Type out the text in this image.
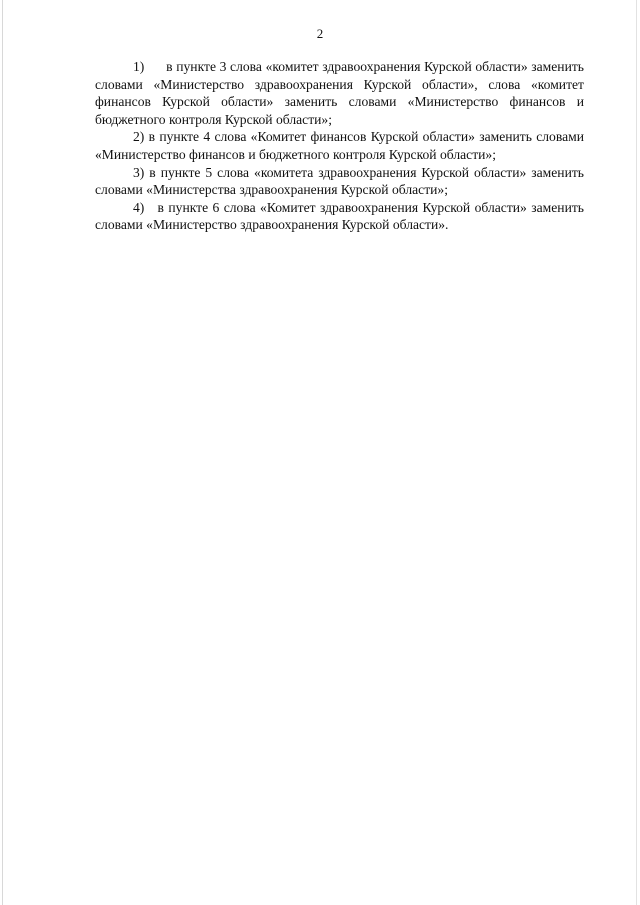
2

1)      в пункте 3 слова «комитет здравоохранения Курской области» заменить словами «Министерство здравоохранения Курской области», слова «комитет финансов Курской области» заменить словами «Министерство финансов и бюджетного контроля Курской области»;

2) в пункте 4 слова «Комитет финансов Курской области» заменить словами «Министерство финансов и бюджетного контроля Курской области»;

3) в пункте 5 слова «комитета здравоохранения Курской области» заменить словами «Министерства здравоохранения Курской области»;

4)   в пункте 6 слова «Комитет здравоохранения Курской области» заменить словами «Министерство здравоохранения Курской области».
